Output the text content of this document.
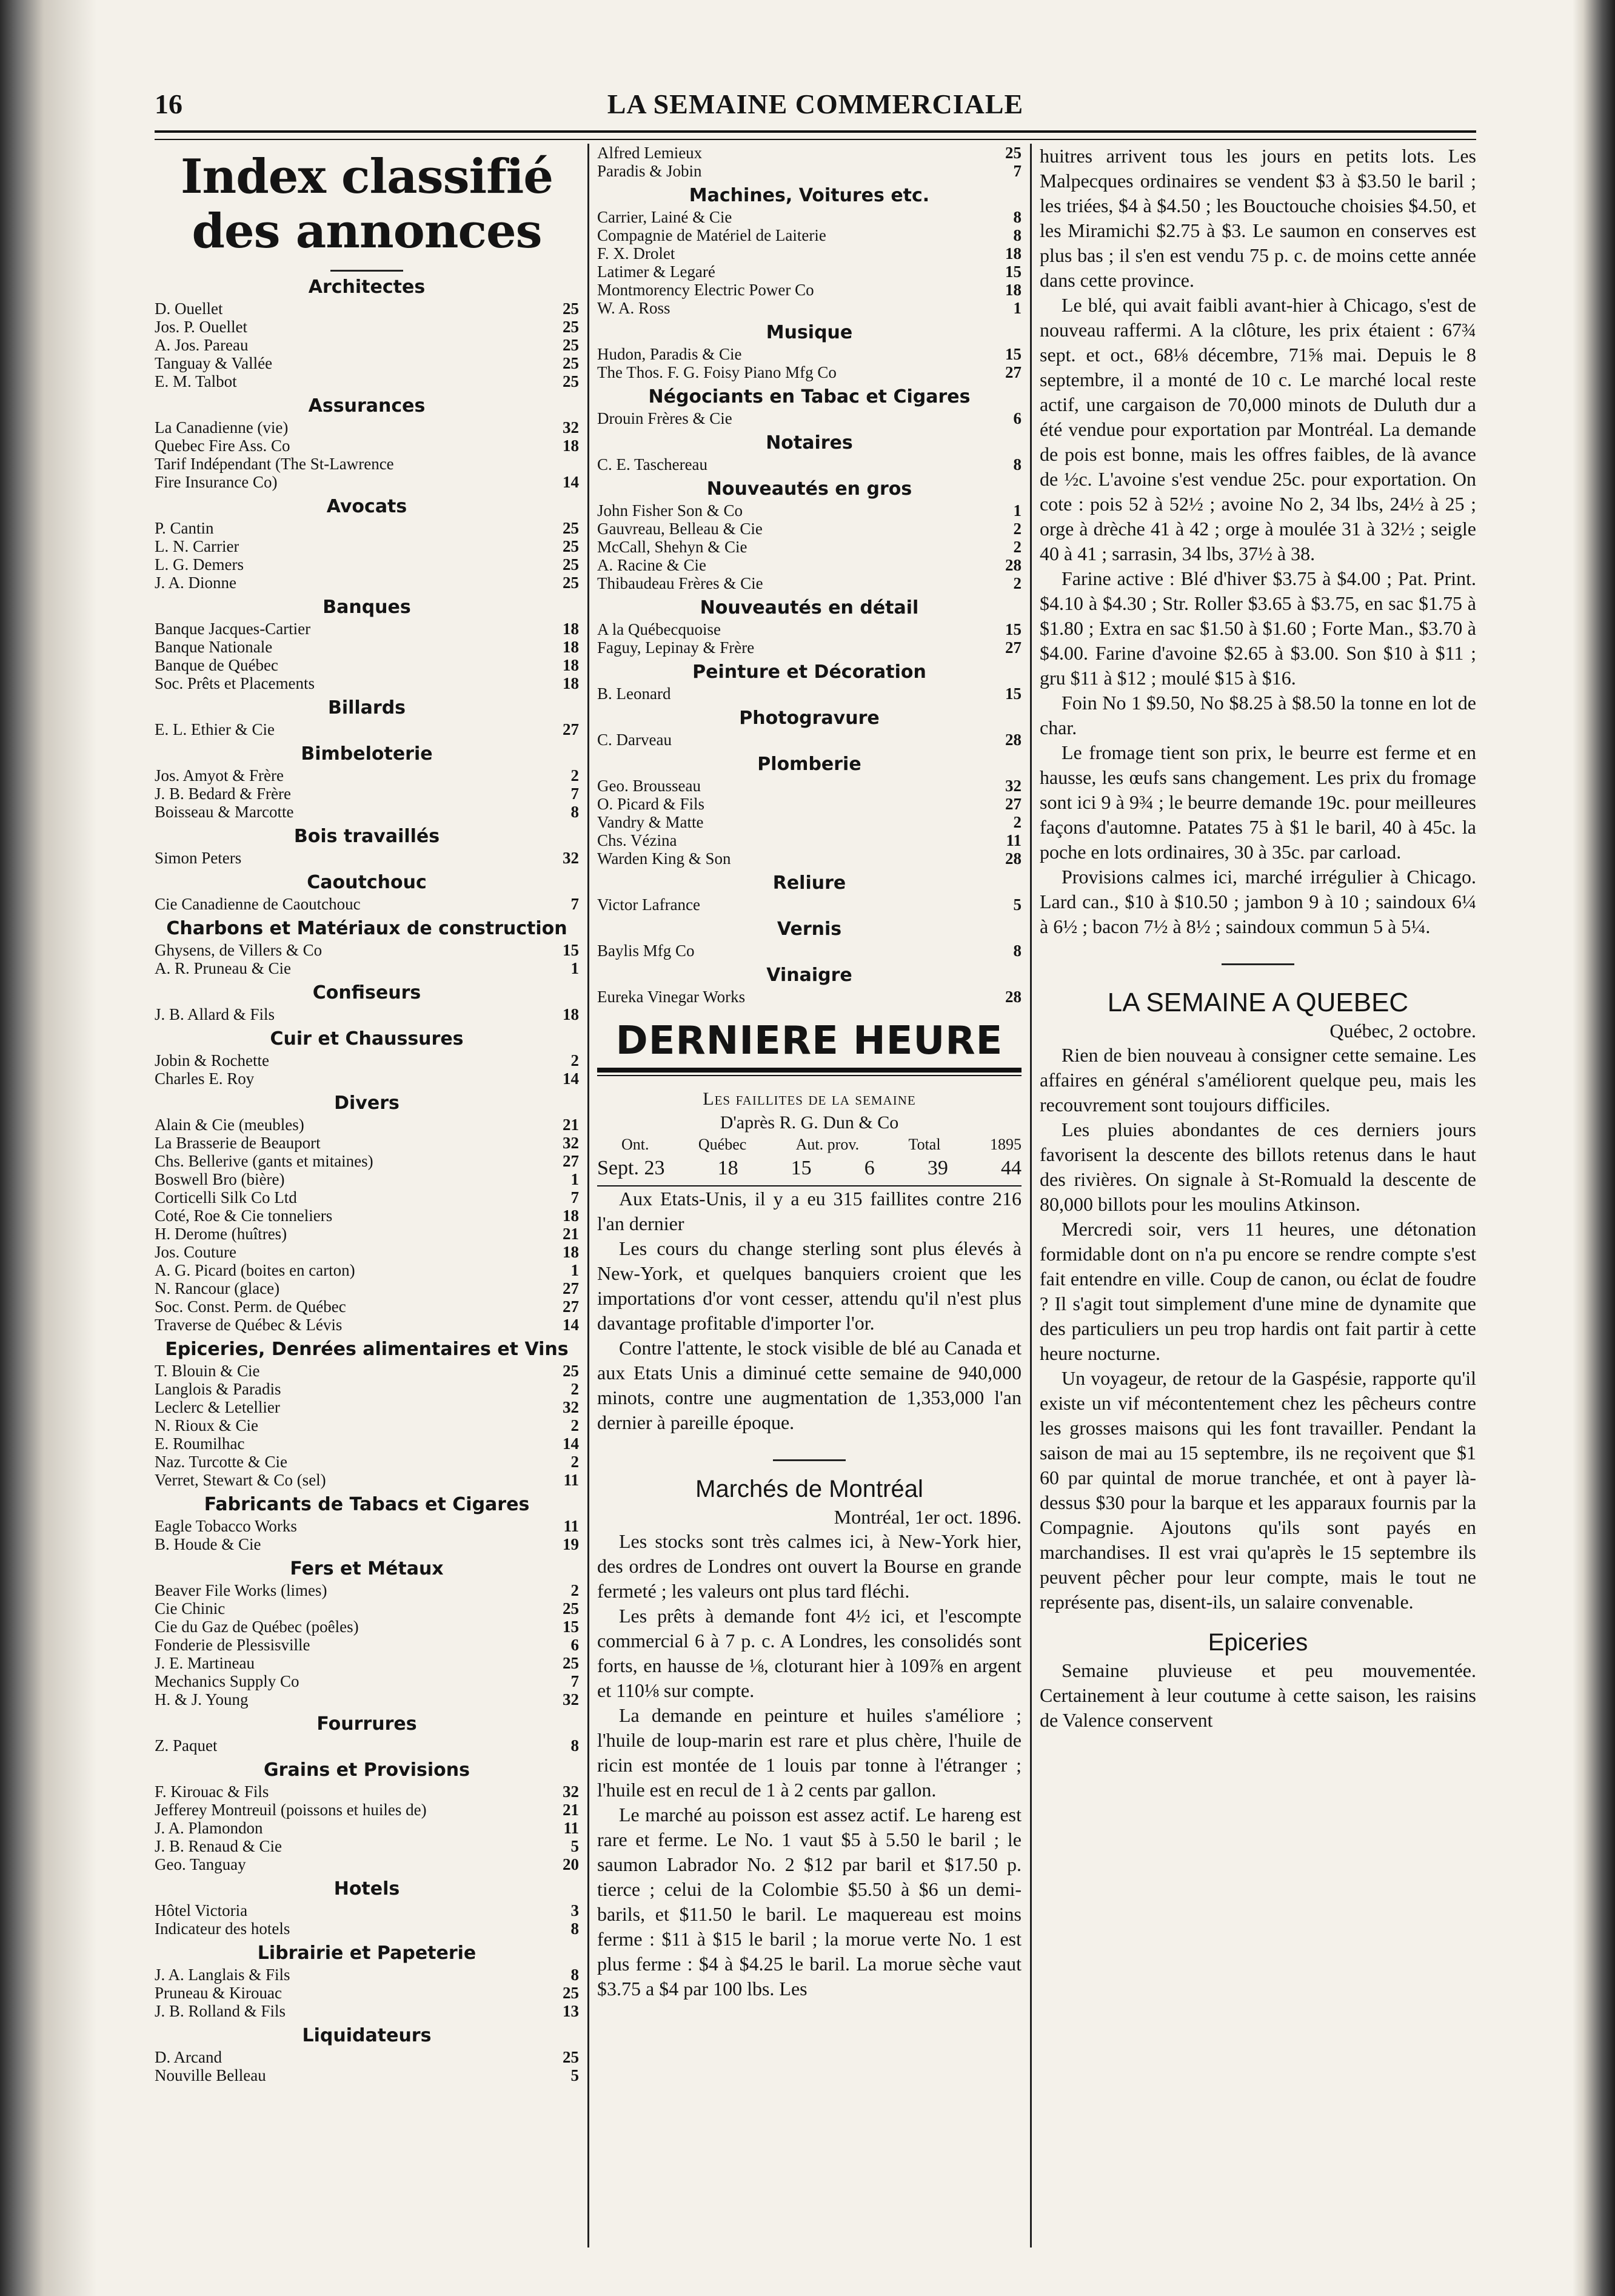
16	LA SEMAINE COMMERCIALE
Index classifié des annonces
Architectes
D. Ouellet	25
Jos. P. Ouellet	25
A. Jos. Pareau	25
Tanguay & Vallée	25
E. M. Talbot	25
Assurances
La Canadienne (vie)	32
Quebec Fire Ass. Co	18
Tarif Indépendant (The St-Lawrence
Fire Insurance Co)	14
Avocats
P. Cantin	25
L. N. Carrier	25
L. G. Demers	25
J. A. Dionne	25
Banques
Banque Jacques-Cartier	18
Banque Nationale	18
Banque de Québec	18
Soc. Prêts et Placements	18
Billards
E. L. Ethier & Cie	27
Bimbeloterie
Jos. Amyot & Frère	2
J. B. Bedard & Frère	7
Boisseau & Marcotte	8
Bois travaillés
Simon Peters	32
Caoutchouc
Cie Canadienne de Caoutchouc	7
Charbons et Matériaux de construction
Ghysens, de Villers & Co	15
A. R. Pruneau & Cie	1
Confiseurs
J. B. Allard & Fils	18
Cuir et Chaussures
Jobin & Rochette	2
Charles E. Roy	14
Divers
Alain & Cie (meubles)	21
La Brasserie de Beauport	32
Chs. Bellerive (gants et mitaines)	27
Boswell Bro (bière)	1
Corticelli Silk Co Ltd	7
Coté, Roe & Cie tonneliers	18
H. Derome (huîtres)	21
Jos. Couture	18
A. G. Picard (boites en carton)	1
N. Rancour (glace)	27
Soc. Const. Perm. de Québec	27
Traverse de Québec & Lévis	14
Epiceries, Denrées alimentaires et Vins
T. Blouin & Cie	25
Langlois & Paradis	2
Leclerc & Letellier	32
N. Rioux & Cie	2
E. Roumilhac	14
Naz. Turcotte & Cie	2
Verret, Stewart & Co (sel)	11
Fabricants de Tabacs et Cigares
Eagle Tobacco Works	11
B. Houde & Cie	19
Fers et Métaux
Beaver File Works (limes)	2
Cie Chinic	25
Cie du Gaz de Québec (poêles)	15
Fonderie de Plessisville	6
J. E. Martineau	25
Mechanics Supply Co	7
H. & J. Young	32
Fourrures
Z. Paquet	8
Grains et Provisions
F. Kirouac & Fils	32
Jefferey Montreuil (poissons et huiles de)	21
J. A. Plamondon	11
J. B. Renaud & Cie	5
Geo. Tanguay	20
Hotels
Hôtel Victoria	3
Indicateur des hotels	8
Librairie et Papeterie
J. A. Langlais & Fils	8
Pruneau & Kirouac	25
J. B. Rolland & Fils	13
Liquidateurs
D. Arcand	25
Nouville Belleau	5
Alfred Lemieux	25
Paradis & Jobin	7
Machines, Voitures etc.
Carrier, Lainé & Cie	8
Compagnie de Matériel de Laiterie	8
F. X. Drolet	18
Latimer & Legaré	15
Montmorency Electric Power Co	18
W. A. Ross	1
Musique
Hudon, Paradis & Cie	15
The Thos. F. G. Foisy Piano Mfg Co	27
Négociants en Tabac et Cigares
Drouin Frères & Cie	6
Notaires
C. E. Taschereau	8
Nouveautés en gros
John Fisher Son & Co	1
Gauvreau, Belleau & Cie	2
McCall, Shehyn & Cie	2
A. Racine & Cie	28
Thibaudeau Frères & Cie	2
Nouveautés en détail
A la Québecquoise	15
Faguy, Lepinay & Frère	27
Peinture et Décoration
B. Leonard	15
Photogravure
C. Darveau	28
Plomberie
Geo. Brousseau	32
O. Picard & Fils	27
Vandry & Matte	2
Chs. Vézina	11
Warden King & Son	28
Reliure
Victor Lafrance	5
Vernis
Baylis Mfg Co	8
Vinaigre
Eureka Vinegar Works	28
DERNIERE HEURE
Les faillites de la semaine
D'après R. G. Dun & Co
Ont.	Québec	Aut. prov.	Total	1895
Sept. 23	18	15	6	39	44

Aux Etats-Unis, il y a eu 315 faillites contre 216 l'an dernier

Les cours du change sterling sont plus élevés à New-York, et quelques banquiers croient que les importations d'or vont cesser, attendu qu'il n'est plus davantage profitable d'importer l'or.

Contre l'attente, le stock visible de blé au Canada et aux Etats Unis a diminué cette semaine de 940,000 minots, contre une augmentation de 1,353,000 l'an dernier à pareille époque.

Marchés de Montréal
Montréal, 1er oct. 1896.

Les stocks sont très calmes ici, à New-York hier, des ordres de Londres ont ouvert la Bourse en grande fermeté ; les valeurs ont plus tard fléchi.

Les prêts à demande font 4½ ici, et l'escompte commercial 6 à 7 p. c. A Londres, les consolidés sont forts, en hausse de ⅛, cloturant hier à 109⅞ en argent et 110⅛ sur compte.

La demande en peinture et huiles s'améliore ; l'huile de loup-marin est rare et plus chère, l'huile de ricin est montée de 1 louis par tonne à l'étranger ; l'huile est en recul de 1 à 2 cents par gallon.

Le marché au poisson est assez actif. Le hareng est rare et ferme. Le No. 1 vaut $5 à 5.50 le baril ; le saumon Labrador No. 2 $12 par baril et $17.50 p. tierce ; celui de la Colombie $5.50 à $6 un demi-barils, et $11.50 le baril. Le maquereau est moins ferme : $11 à $15 le baril ; la morue verte No. 1 est plus ferme : $4 à $4.25 le baril. La morue sèche vaut $3.75 a $4 par 100 lbs. Les

huitres arrivent tous les jours en petits lots. Les Malpecques ordinaires se vendent $3 à $3.50 le baril ; les triées, $4 à $4.50 ; les Bouctouche choisies $4.50, et les Miramichi $2.75 à $3. Le saumon en conserves est plus bas ; il s'en est vendu 75 p. c. de moins cette année dans cette province.

Le blé, qui avait faibli avant-hier à Chicago, s'est de nouveau raffermi. A la clôture, les prix étaient : 67¾ sept. et oct., 68⅛ décembre, 71⅝ mai. Depuis le 8 septembre, il a monté de 10 c. Le marché local reste actif, une cargaison de 70,000 minots de Duluth dur a été vendue pour exportation par Montréal. La demande de pois est bonne, mais les offres faibles, de là avance de ½c. L'avoine s'est vendue 25c. pour exportation. On cote : pois 52 à 52½ ; avoine No 2, 34 lbs, 24½ à 25 ; orge à drèche 41 à 42 ; orge à moulée 31 à 32½ ; seigle 40 à 41 ; sarrasin, 34 lbs, 37½ à 38.

Farine active : Blé d'hiver $3.75 à $4.00 ; Pat. Print. $4.10 à $4.30 ; Str. Roller $3.65 à $3.75, en sac $1.75 à $1.80 ; Extra en sac $1.50 à $1.60 ; Forte Man., $3.70 à $4.00. Farine d'avoine $2.65 à $3.00. Son $10 à $11 ; gru $11 à $12 ; moulé $15 à $16.

Foin No 1 $9.50, No $8.25 à $8.50 la tonne en lot de char.

Le fromage tient son prix, le beurre est ferme et en hausse, les œufs sans changement. Les prix du fromage sont ici 9 à 9¾ ; le beurre demande 19c. pour meilleures façons d'automne. Patates 75 à $1 le baril, 40 à 45c. la poche en lots ordinaires, 30 à 35c. par carload.

Provisions calmes ici, marché irrégulier à Chicago. Lard can., $10 à $10.50 ; jambon 9 à 10 ; saindoux 6¼ à 6½ ; bacon 7½ à 8½ ; saindoux commun 5 à 5¼.

LA SEMAINE A QUEBEC
Québec, 2 octobre.

Rien de bien nouveau à consigner cette semaine. Les affaires en général s'améliorent quelque peu, mais les recouvrement sont toujours difficiles.

Les pluies abondantes de ces derniers jours favorisent la descente des billots retenus dans le haut des rivières. On signale à St-Romuald la descente de 80,000 billots pour les moulins Atkinson.

Mercredi soir, vers 11 heures, une détonation formidable dont on n'a pu encore se rendre compte s'est fait entendre en ville. Coup de canon, ou éclat de foudre ? Il s'agit tout simplement d'une mine de dynamite que des particuliers un peu trop hardis ont fait partir à cette heure nocturne.

Un voyageur, de retour de la Gaspésie, rapporte qu'il existe un vif mécontentement chez les pêcheurs contre les grosses maisons qui les font travailler. Pendant la saison de mai au 15 septembre, ils ne reçoivent que $1 60 par quintal de morue tranchée, et ont à payer là-dessus $30 pour la barque et les apparaux fournis par la Compagnie. Ajoutons qu'ils sont payés en marchandises. Il est vrai qu'après le 15 septembre ils peuvent pêcher pour leur compte, mais le tout ne représente pas, disent-ils, un salaire convenable.

Epiceries

Semaine pluvieuse et peu mouvementée. Certainement à leur coutume à cette saison, les raisins de Valence conservent
